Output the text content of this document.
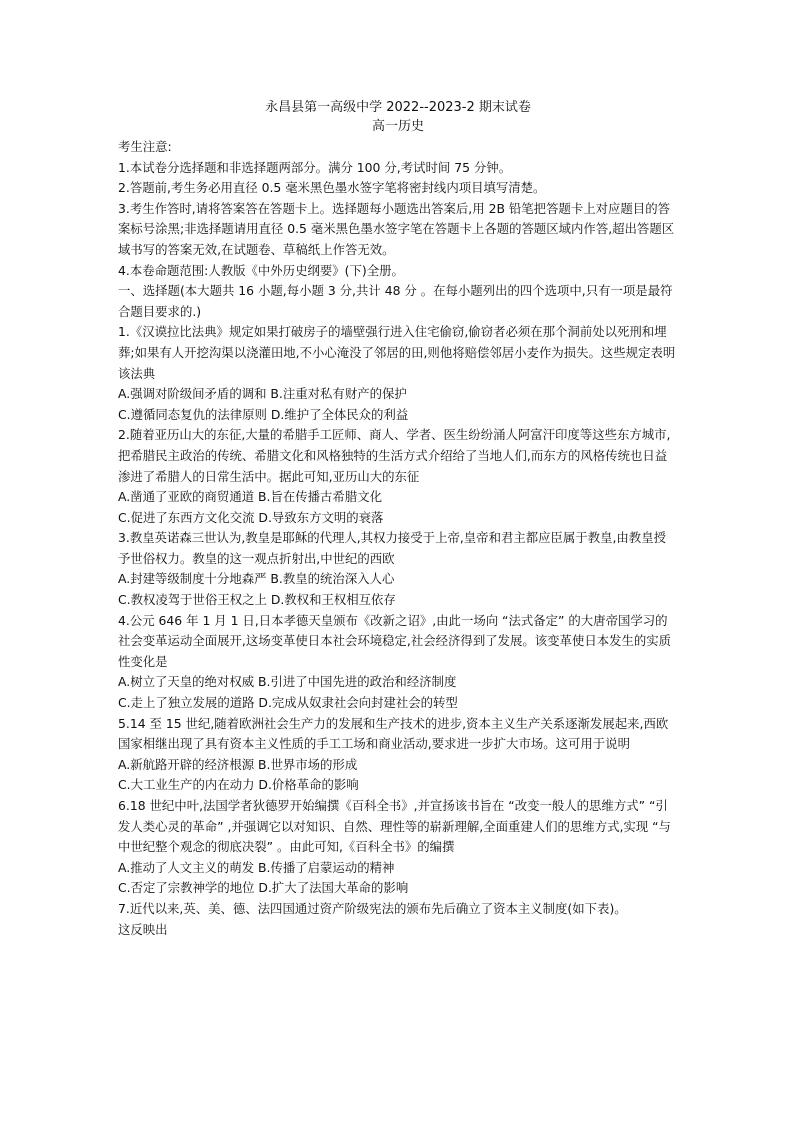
永昌县第一高级中学 2022--2023-2 期末试卷
高一历史
考生注意:
1.本试卷分选择题和非选择题两部分。满分 100 分,考试时间 75 分钟。
2.答题前,考生务必用直径 0.5 毫米黑色墨水签字笔将密封线内项目填写清楚。
3.考生作答时,请将答案答在答题卡上。选择题每小题选出答案后,用 2B 铅笔把答题卡上对应题目的答案标号涂黑;非选择题请用直径 0.5 毫米黑色墨水签字笔在答题卡上各题的答题区域内作答,超出答题区域书写的答案无效,在试题卷、草稿纸上作答无效。
4.本卷命题范围:人教版《中外历史纲要》(下)全册。
一、选择题(本大题共 16 小题,每小题 3 分,共计 48 分 。在每小题列出的四个选项中,只有一项是最符合题目要求的.)
1.《汉谟拉比法典》规定如果打破房子的墙壁强行进入住宅偷窃,偷窃者必须在那个洞前处以死刑和埋葬;如果有人开挖沟渠以浇灌田地,不小心淹没了邻居的田,则他将赔偿邻居小麦作为损失。这些规定表明该法典
A.强调对阶级间矛盾的调和 B.注重对私有财产的保护
C.遵循同态复仇的法律原则 D.维护了全体民众的利益
2.随着亚历山大的东征,大量的希腊手工匠师、商人、学者、医生纷纷涌人阿富汗印度等这些东方城市,把希腊民主政治的传统、希腊文化和风格独特的生活方式介绍给了当地人们,而东方的风格传统也日益渗进了希腊人的日常生活中。据此可知,亚历山大的东征
A.凿通了亚欧的商贸通道 B.旨在传播古希腊文化
C.促进了东西方文化交流 D.导致东方文明的衰落
3.教皇英诺森三世认为,教皇是耶稣的代理人,其权力接受于上帝,皇帝和君主都应臣属于教皇,由教皇授予世俗权力。教皇的这一观点折射出,中世纪的西欧
A.封建等级制度十分地森严 B.教皇的统治深入人心
C.教权凌驾于世俗王权之上 D.教权和王权相互依存
4.公元 646 年 1 月 1 日,日本孝德天皇颁布《改新之诏》,由此一场向 “法式备定” 的大唐帝国学习的社会变革运动全面展开,这场变革使日本社会环境稳定,社会经济得到了发展。该变革使日本发生的实质性变化是
A.树立了天皇的绝对权威 B.引进了中国先进的政治和经济制度
C.走上了独立发展的道路 D.完成从奴隶社会向封建社会的转型
5.14 至 15 世纪,随着欧洲社会生产力的发展和生产技术的进步,资本主义生产关系逐渐发展起来,西欧国家相继出现了具有资本主义性质的手工工场和商业活动,要求进一步扩大市场。这可用于说明
A.新航路开辟的经济根源 B.世界市场的形成
C.大工业生产的内在动力 D.价格革命的影响
6.18 世纪中叶,法国学者狄德罗开始编撰《百科全书》,并宣扬该书旨在 “改变一般人的思维方式” “引发人类心灵的革命” ,并强调它以对知识、自然、理性等的崭新理解,全面重建人们的思维方式,实现 “与中世纪整个观念的彻底决裂” 。由此可知,《百科全书》的编撰
A.推动了人文主义的萌发 B.传播了启蒙运动的精神
C.否定了宗教神学的地位 D.扩大了法国大革命的影响
7.近代以来,英、美、德、法四国通过资产阶级宪法的颁布先后确立了资本主义制度(如下表)。
这反映出
